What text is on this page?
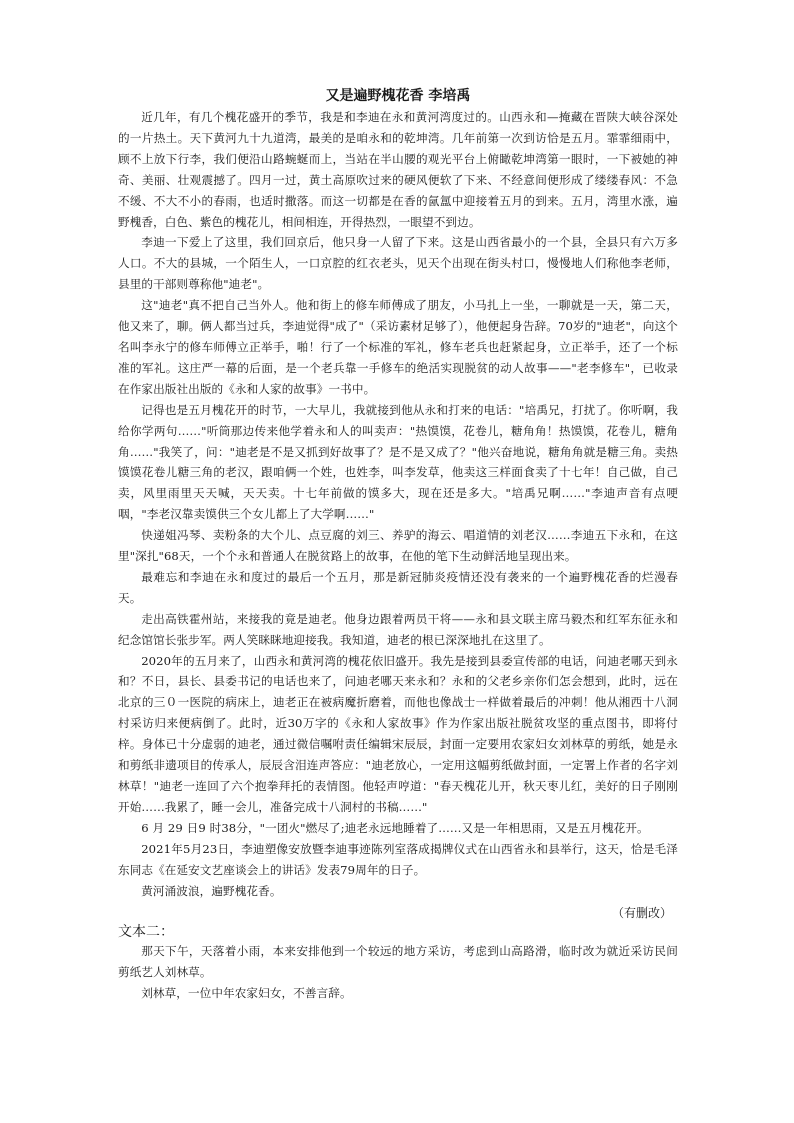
又是遍野槐花香 李培禹

近几年，有几个槐花盛开的季节，我是和李迪在永和黄河湾度过的。山西永和—掩藏在晋陕大峡谷深处的一片热土。天下黄河九十九道湾，最美的是咱永和的乾坤湾。几年前第一次到访恰是五月。霏霏细雨中，顾不上放下行李，我们便沿山路蜿蜒而上，当站在半山腰的观光平台上俯瞰乾坤湾第一眼时，一下被她的神奇、美丽、壮观震撼了。四月一过，黄土高原吹过来的硬风便软了下来、不经意间便形成了缕缕春风：不急不缓、不大不小的春雨，也适时撒落。而这一切都是在香的氤氲中迎接着五月的到来。五月，湾里水涨，遍野槐香，白色、紫色的槐花儿，相间相连，开得热烈，一眼望不到边。

李迪一下爱上了这里，我们回京后，他只身一人留了下来。这是山西省最小的一个县，全县只有六万多人口。不大的县城，一个陌生人，一口京腔的红衣老头，见天个出现在街头村口，慢慢地人们称他李老师，县里的干部则尊称他"迪老"。

这"迪老"真不把自己当外人。他和街上的修车师傅成了朋友，小马扎上一坐，一聊就是一天，第二天，他又来了，聊。俩人都当过兵，李迪觉得"成了"（采访素材足够了），他便起身告辞。70岁的"迪老"，向这个名叫李永宁的修车师傅立正举手，啪！行了一个标准的军礼，修车老兵也赶紧起身，立正举手，还了一个标准的军礼。这庄严一幕的后面，是一个老兵靠一手修车的绝活实现脱贫的动人故事——"老李修车"，已收录在作家出版社出版的《永和人家的故事》一书中。

记得也是五月槐花开的时节，一大早儿，我就接到他从永和打来的电话："培禹兄，打扰了。你听啊，我给你学两句……"听筒那边传来他学着永和人的叫卖声："热馍馍，花卷儿，糖角角！热馍馍，花卷儿，糖角角……"我笑了，问："迪老是不是又抓到好故事了？是不是又成了？"他兴奋地说，糖角角就是糖三角。卖热馍馍花卷儿糖三角的老汉，跟咱俩一个姓，也姓李，叫李发草，他卖这三样面食卖了十七年！自己做，自己卖，风里雨里天天喊，天天卖。十七年前做的馍多大，现在还是多大。"培禹兄啊……"李迪声音有点哽咽，"李老汉靠卖馍供三个女儿都上了大学啊……"

快递姐冯琴、卖粉条的大个儿、点豆腐的刘三、养驴的海云、唱道情的刘老汉……李迪五下永和，在这里"深扎"68天，一个个永和普通人在脱贫路上的故事，在他的笔下生动鲜活地呈现出来。

最难忘和李迪在永和度过的最后一个五月，那是新冠肺炎疫情还没有袭来的一个遍野槐花香的烂漫春天。

走出高铁霍州站，来接我的竟是迪老。他身边跟着两员干将——永和县文联主席马毅杰和红军东征永和纪念馆馆长张步军。两人笑眯眯地迎接我。我知道，迪老的根已深深地扎在这里了。

2020年的五月来了，山西永和黄河湾的槐花依旧盛开。我先是接到县委宣传部的电话，问迪老哪天到永和？不日，县长、县委书记的电话也来了，问迪老哪天来永和？永和的父老乡亲你们怎会想到，此时，远在北京的三０一医院的病床上，迪老正在被病魔折磨着，而他也像战士一样做着最后的冲刺！他从湘西十八洞村采访归来便病倒了。此时，近30万字的《永和人家故事》作为作家出版社脱贫攻坚的重点图书，即将付梓。身体已十分虚弱的迪老，通过微信嘱咐责任编辑宋辰辰，封面一定要用农家妇女刘林草的剪纸，她是永和剪纸非遗项目的传承人，辰辰含泪连声答应："迪老放心，一定用这幅剪纸做封面，一定署上作者的名字刘林草！"迪老一连回了六个抱拳拜托的表情图。他轻声哼道："春天槐花儿开，秋天枣儿红，美好的日子刚刚开始……我累了，睡一会儿，准备完成十八洞村的书稿……"

6 月 29 日9 时38分，"一团火"燃尽了;迪老永远地睡着了……又是一年相思雨，又是五月槐花开。

2021年5月23日，李迪塑像安放暨李迪事迹陈列室落成揭牌仪式在山西省永和县举行，这天，恰是毛泽东同志《在延安文艺座谈会上的讲话》发表79周年的日子。

黄河涌波浪，遍野槐花香。

（有删改）
文本二：

那天下午，天落着小雨，本来安排他到一个较远的地方采访，考虑到山高路滑，临时改为就近采访民间剪纸艺人刘林草。

刘林草，一位中年农家妇女，不善言辞。
